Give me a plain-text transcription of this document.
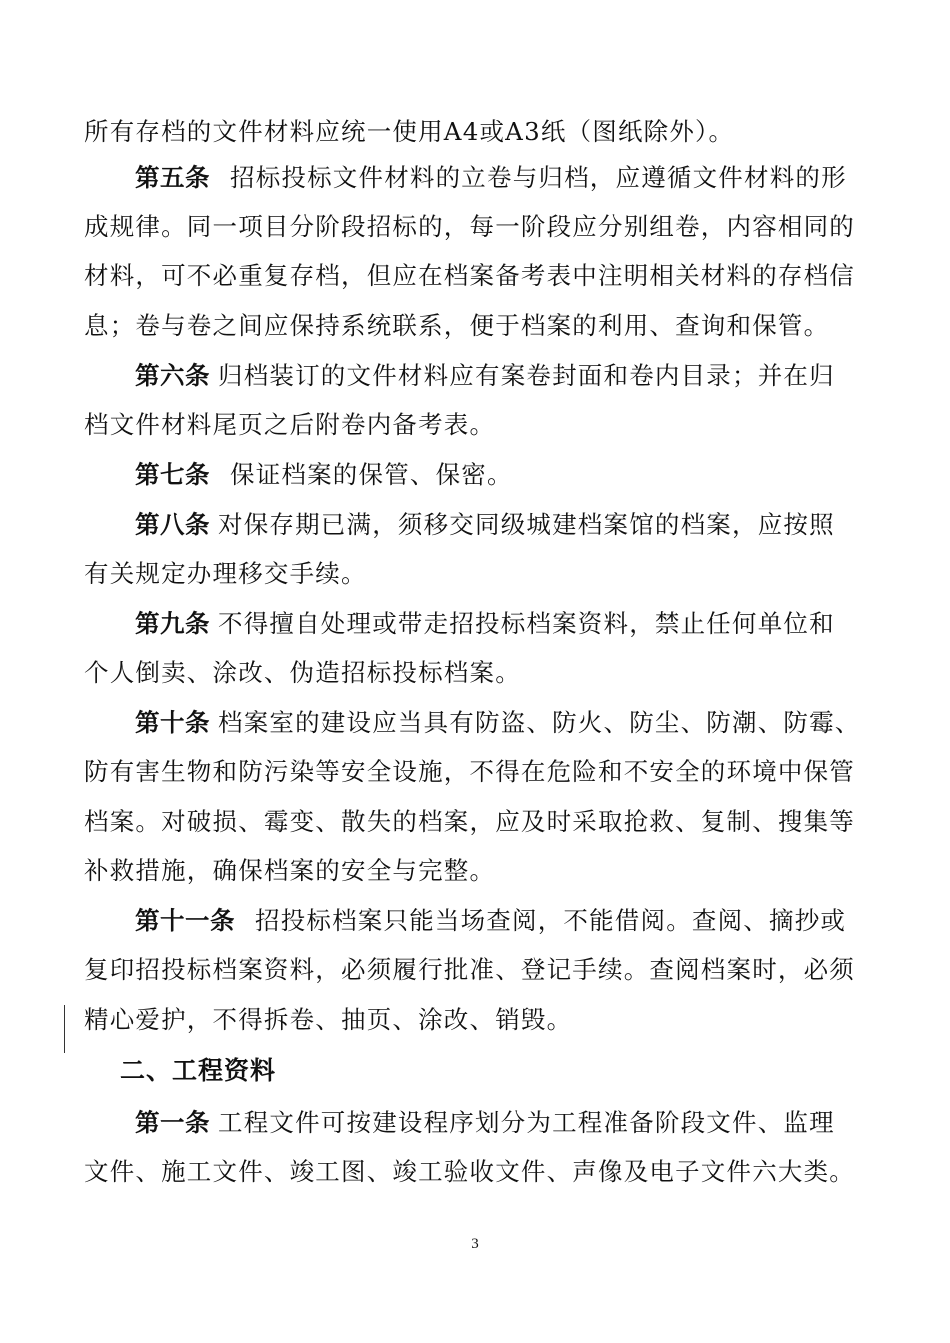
所有存档的文件材料应统一使用A4或A3纸（图纸除外）。
第五条 招标投标文件材料的立卷与归档，应遵循文件材料的形
成规律。同一项目分阶段招标的，每一阶段应分别组卷，内容相同的
材料，可不必重复存档，但应在档案备考表中注明相关材料的存档信
息；卷与卷之间应保持系统联系，便于档案的利用、查询和保管。
第六条 归档装订的文件材料应有案卷封面和卷内目录；并在归
档文件材料尾页之后附卷内备考表。
第七条 保证档案的保管、保密。
第八条 对保存期已满，须移交同级城建档案馆的档案，应按照
有关规定办理移交手续。
第九条 不得擅自处理或带走招投标档案资料，禁止任何单位和
个人倒卖、涂改、伪造招标投标档案。
第十条 档案室的建设应当具有防盗、防火、防尘、防潮、防霉、
防有害生物和防污染等安全设施，不得在危险和不安全的环境中保管
档案。对破损、霉变、散失的档案，应及时采取抢救、复制、搜集等
补救措施，确保档案的安全与完整。
第十一条 招投标档案只能当场查阅，不能借阅。查阅、摘抄或
复印招投标档案资料，必须履行批准、登记手续。查阅档案时，必须
精心爱护，不得拆卷、抽页、涂改、销毁。
二、工程资料
第一条 工程文件可按建设程序划分为工程准备阶段文件、监理
文件、施工文件、竣工图、竣工验收文件、声像及电子文件六大类。
3
